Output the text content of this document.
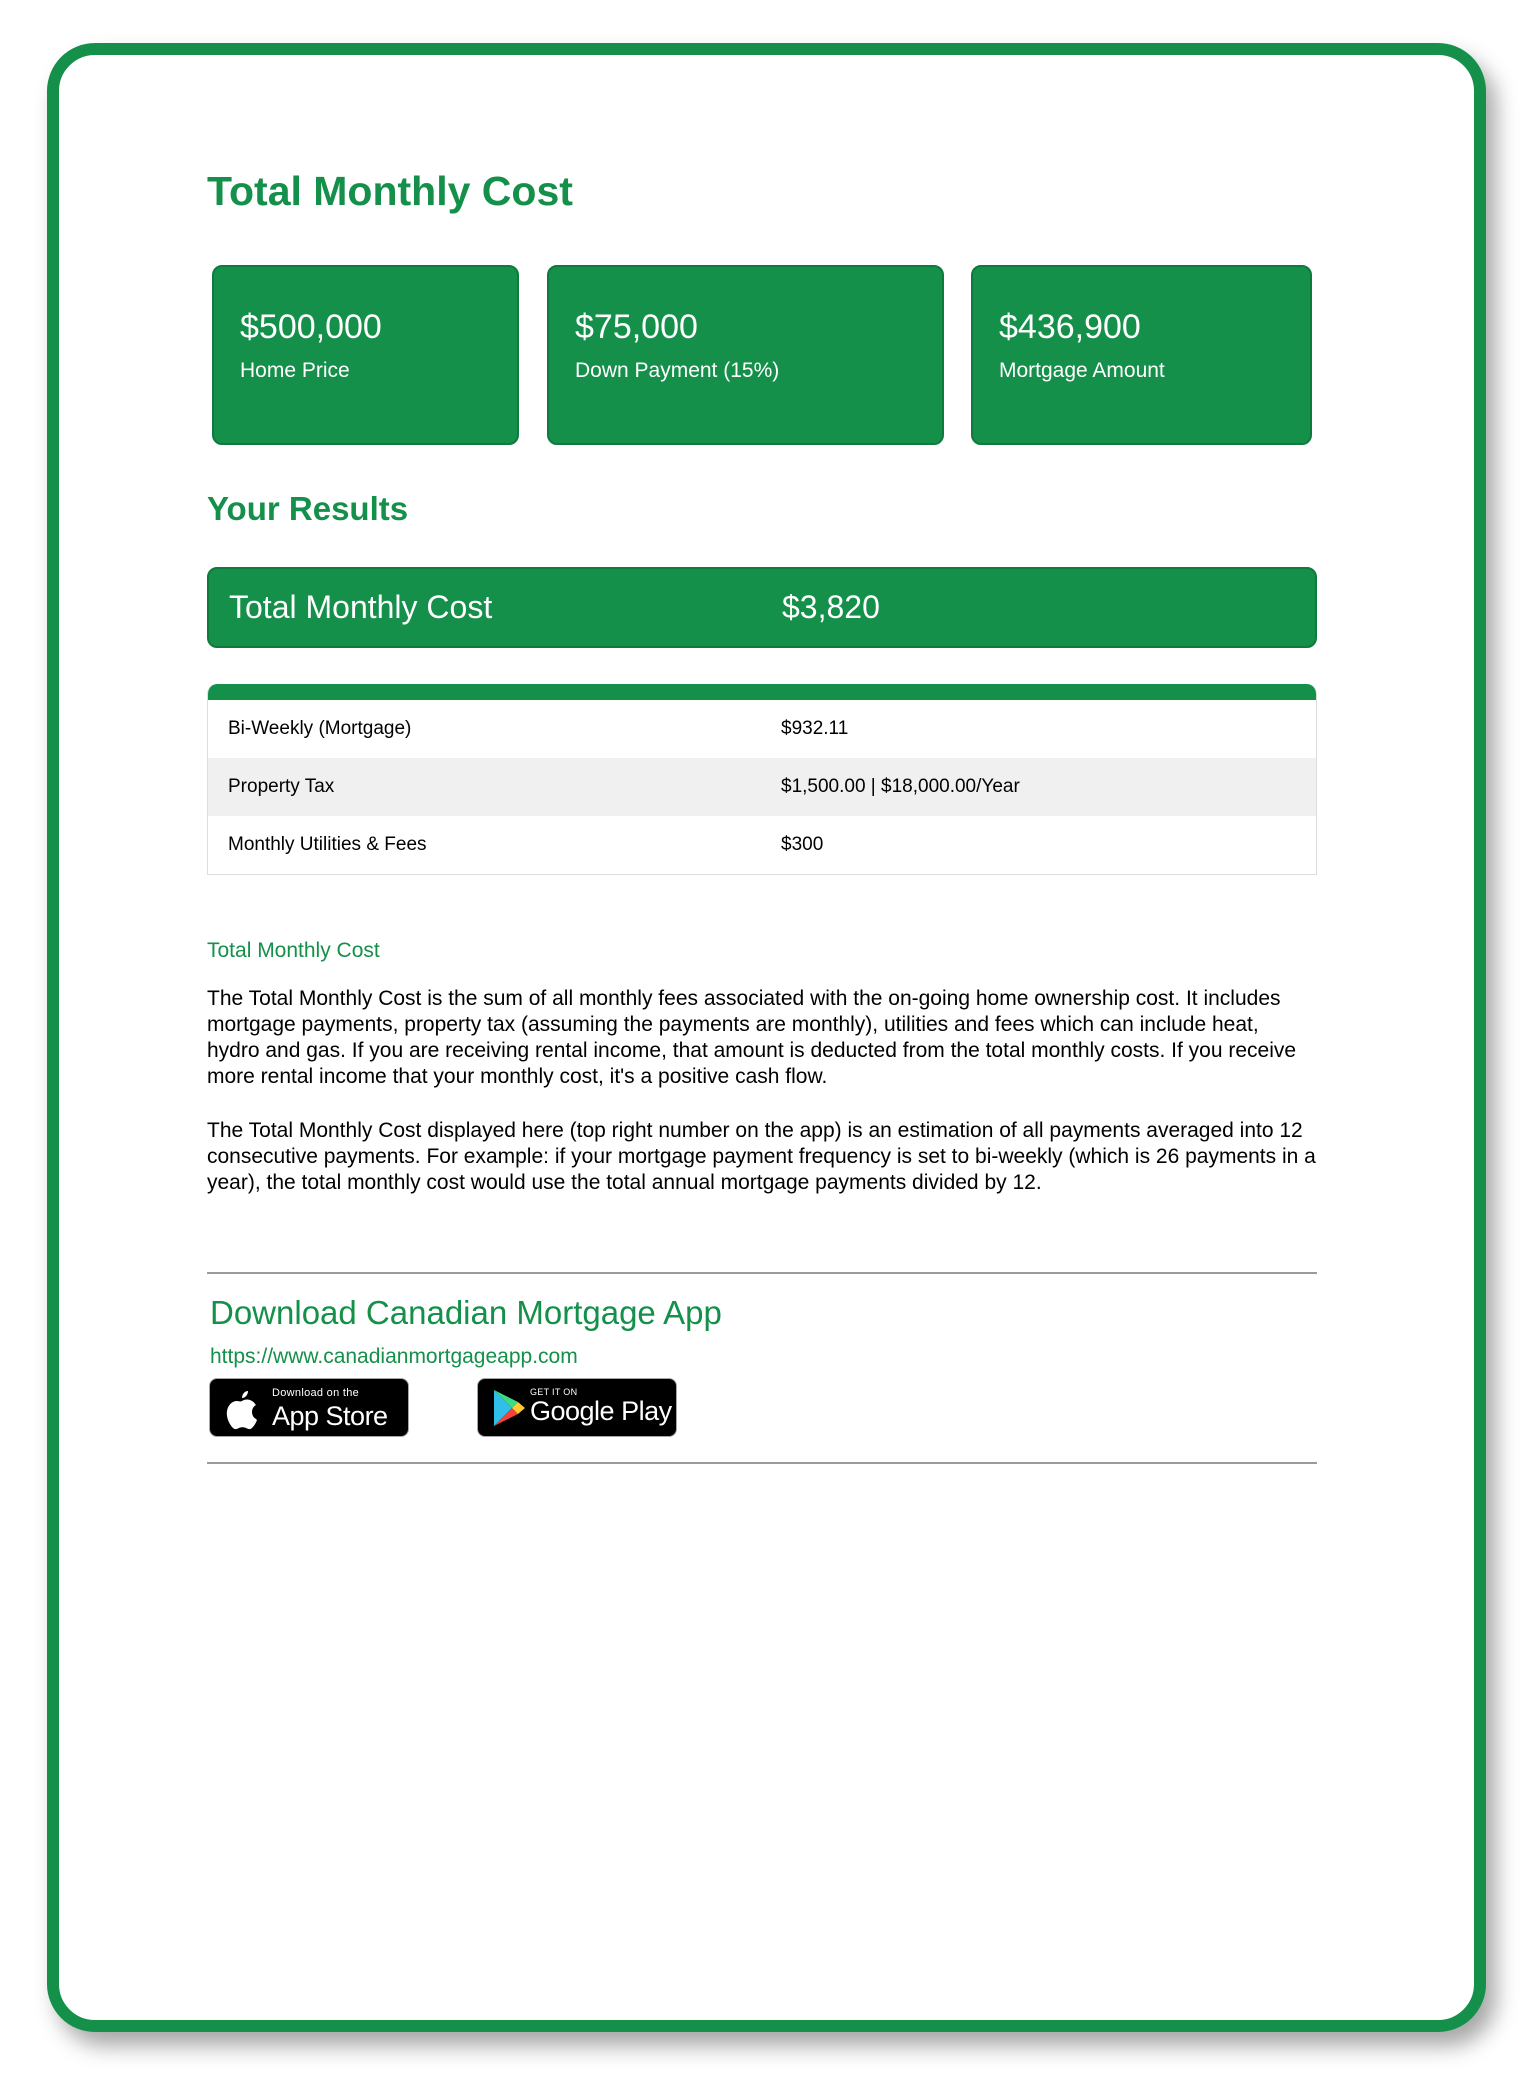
Total Monthly Cost
$500,000
Home Price
$75,000
Down Payment (15%)
$436,900
Mortgage Amount
Your Results
Total Monthly Cost	$3,820
Bi-Weekly (Mortgage)	$932.11
Property Tax	$1,500.00 | $18,000.00/Year
Monthly Utilities & Fees	$300
Total Monthly Cost

The Total Monthly Cost is the sum of all monthly fees associated with the on-going home ownership cost. It includes mortgage payments, property tax (assuming the payments are monthly), utilities and fees which can include heat, hydro and gas. If you are receiving rental income, that amount is deducted from the total monthly costs. If you receive more rental income that your monthly cost, it's a positive cash flow.

The Total Monthly Cost displayed here (top right number on the app) is an estimation of all payments averaged into 12 consecutive payments. For example: if your mortgage payment frequency is set to bi-weekly (which is 26 payments in a year), the total monthly cost would use the total annual mortgage payments divided by 12.

Download Canadian Mortgage App
https://www.canadianmortgageapp.com
Download on the
App Store
GET IT ON
Google Play
